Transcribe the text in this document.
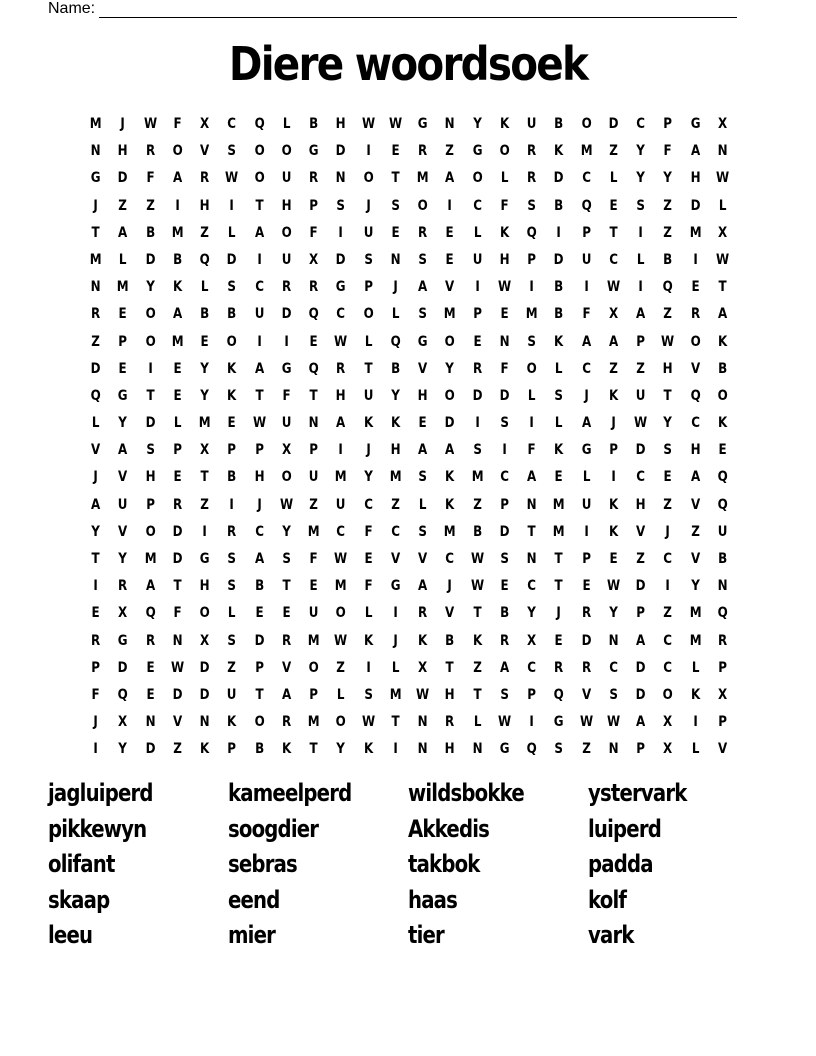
Name:
Diere woordsoek
M	J	W	F	X	C	Q	L	B	H	W	W	G	N	Y	K	U	B	O	D	C	P	G	X
N	H	R	O	V	S	O	O	G	D	I	E	R	Z	G	O	R	K	M	Z	Y	F	A	N
G	D	F	A	R	W	O	U	R	N	O	T	M	A	O	L	R	D	C	L	Y	Y	H	W
J	Z	Z	I	H	I	T	H	P	S	J	S	O	I	C	F	S	B	Q	E	S	Z	D	L
T	A	B	M	Z	L	A	O	F	I	U	E	R	E	L	K	Q	I	P	T	I	Z	M	X
M	L	D	B	Q	D	I	U	X	D	S	N	S	E	U	H	P	D	U	C	L	B	I	W
N	M	Y	K	L	S	C	R	R	G	P	J	A	V	I	W	I	B	I	W	I	Q	E	T
R	E	O	A	B	B	U	D	Q	C	O	L	S	M	P	E	M	B	F	X	A	Z	R	A
Z	P	O	M	E	O	I	I	E	W	L	Q	G	O	E	N	S	K	A	A	P	W	O	K
D	E	I	E	Y	K	A	G	Q	R	T	B	V	Y	R	F	O	L	C	Z	Z	H	V	B
Q	G	T	E	Y	K	T	F	T	H	U	Y	H	O	D	D	L	S	J	K	U	T	Q	O
L	Y	D	L	M	E	W	U	N	A	K	K	E	D	I	S	I	L	A	J	W	Y	C	K
V	A	S	P	X	P	P	X	P	I	J	H	A	A	S	I	F	K	G	P	D	S	H	E
J	V	H	E	T	B	H	O	U	M	Y	M	S	K	M	C	A	E	L	I	C	E	A	Q
A	U	P	R	Z	I	J	W	Z	U	C	Z	L	K	Z	P	N	M	U	K	H	Z	V	Q
Y	V	O	D	I	R	C	Y	M	C	F	C	S	M	B	D	T	M	I	K	V	J	Z	U
T	Y	M	D	G	S	A	S	F	W	E	V	V	C	W	S	N	T	P	E	Z	C	V	B
I	R	A	T	H	S	B	T	E	M	F	G	A	J	W	E	C	T	E	W	D	I	Y	N
E	X	Q	F	O	L	E	E	U	O	L	I	R	V	T	B	Y	J	R	Y	P	Z	M	Q
R	G	R	N	X	S	D	R	M	W	K	J	K	B	K	R	X	E	D	N	A	C	M	R
P	D	E	W	D	Z	P	V	O	Z	I	L	X	T	Z	A	C	R	R	C	D	C	L	P
F	Q	E	D	D	U	T	A	P	L	S	M	W	H	T	S	P	Q	V	S	D	O	K	X
J	X	N	V	N	K	O	R	M	O	W	T	N	R	L	W	I	G	W	W	A	X	I	P
I	Y	D	Z	K	P	B	K	T	Y	K	I	N	H	N	G	Q	S	Z	N	P	X	L	V
jagluiperd	kameelperd	wildsbokke	ystervark
pikkewyn	soogdier	Akkedis	luiperd
olifant	sebras	takbok	padda
skaap	eend	haas	kolf
leeu	mier	tier	vark
